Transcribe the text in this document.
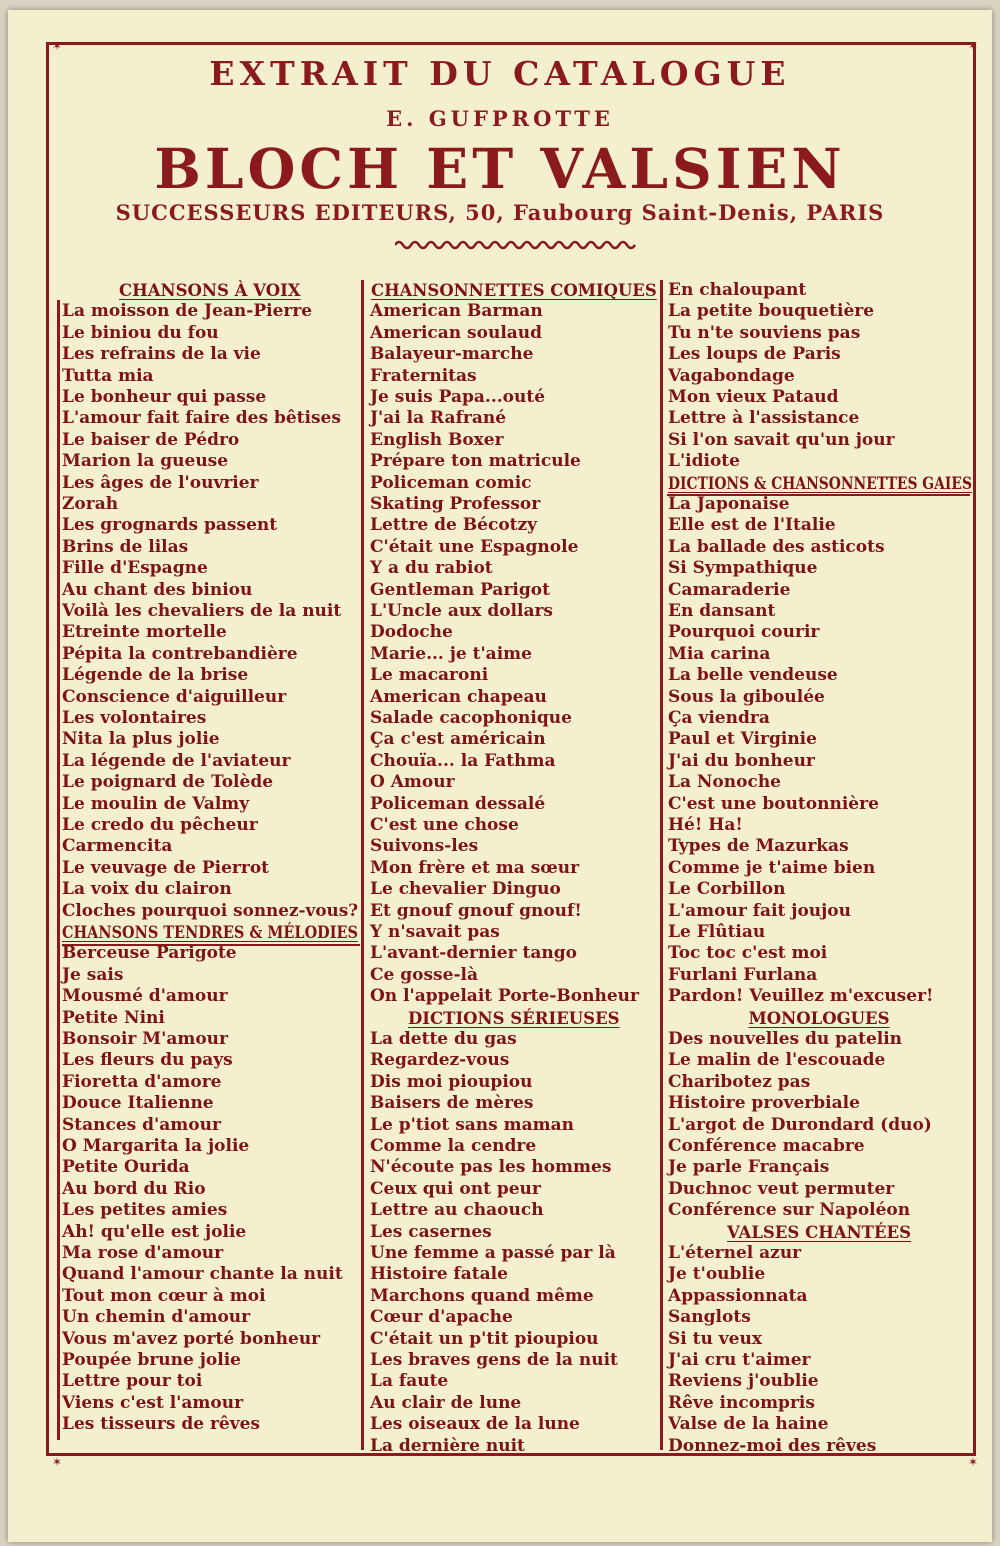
✶	✶
✶	✶
EXTRAIT DU CATALOGUE
E. GUFPROTTE
BLOCH ET VALSIEN
SUCCESSEURS EDITEURS, 50, Faubourg Saint-Denis, PARIS
CHANSONS À VOIX
La moisson de Jean-Pierre
Le biniou du fou
Les refrains de la vie
Tutta mia
Le bonheur qui passe
L'amour fait faire des bêtises
Le baiser de Pédro
Marion la gueuse
Les âges de l'ouvrier
Zorah
Les grognards passent
Brins de lilas
Fille d'Espagne
Au chant des biniou
Voilà les chevaliers de la nuit
Etreinte mortelle
Pépita la contrebandière
Légende de la brise
Conscience d'aiguilleur
Les volontaires
Nita la plus jolie
La légende de l'aviateur
Le poignard de Tolède
Le moulin de Valmy
Le credo du pêcheur
Carmencita
Le veuvage de Pierrot
La voix du clairon
Cloches pourquoi sonnez-vous?
CHANSONS TENDRES & MÉLODIES
Berceuse Parigote
Je sais
Mousmé d'amour
Petite Nini
Bonsoir M'amour
Les fleurs du pays
Fioretta d'amore
Douce Italienne
Stances d'amour
O Margarita la jolie
Petite Ourida
Au bord du Rio
Les petites amies
Ah! qu'elle est jolie
Ma rose d'amour
Quand l'amour chante la nuit
Tout mon cœur à moi
Un chemin d'amour
Vous m'avez porté bonheur
Poupée brune jolie
Lettre pour toi
Viens c'est l'amour
Les tisseurs de rêves
CHANSONNETTES COMIQUES
American Barman
American soulaud
Balayeur-marche
Fraternitas
Je suis Papa...outé
J'ai la Rafrané
English Boxer
Prépare ton matricule
Policeman comic
Skating Professor
Lettre de Bécotzy
C'était une Espagnole
Y a du rabiot
Gentleman Parigot
L'Uncle aux dollars
Dodoche
Marie... je t'aime
Le macaroni
American chapeau
Salade cacophonique
Ça c'est américain
Chouïa... la Fathma
O Amour
Policeman dessalé
C'est une chose
Suivons-les
Mon frère et ma sœur
Le chevalier Dinguo
Et gnouf gnouf gnouf!
Y n'savait pas
L'avant-dernier tango
Ce gosse-là
On l'appelait Porte-Bonheur
DICTIONS SÉRIEUSES
La dette du gas
Regardez-vous
Dis moi pioupiou
Baisers de mères
Le p'tiot sans maman
Comme la cendre
N'écoute pas les hommes
Ceux qui ont peur
Lettre au chaouch
Les casernes
Une femme a passé par là
Histoire fatale
Marchons quand même
Cœur d'apache
C'était un p'tit pioupiou
Les braves gens de la nuit
La faute
Au clair de lune
Les oiseaux de la lune
La dernière nuit
En chaloupant
La petite bouquetière
Tu n'te souviens pas
Les loups de Paris
Vagabondage
Mon vieux Pataud
Lettre à l'assistance
Si l'on savait qu'un jour
L'idiote
DICTIONS & CHANSONNETTES GAIES
La Japonaise
Elle est de l'Italie
La ballade des asticots
Si Sympathique
Camaraderie
En dansant
Pourquoi courir
Mia carina
La belle vendeuse
Sous la giboulée
Ça viendra
Paul et Virginie
J'ai du bonheur
La Nonoche
C'est une boutonnière
Hé! Ha!
Types de Mazurkas
Comme je t'aime bien
Le Corbillon
L'amour fait joujou
Le Flûtiau
Toc toc c'est moi
Furlani Furlana
Pardon! Veuillez m'excuser!
MONOLOGUES
Des nouvelles du patelin
Le malin de l'escouade
Charibotez pas
Histoire proverbiale
L'argot de Durondard (duo)
Conférence macabre
Je parle Français
Duchnoc veut permuter
Conférence sur Napoléon
VALSES CHANTÉES
L'éternel azur
Je t'oublie
Appassionnata
Sanglots
Si tu veux
J'ai cru t'aimer
Reviens j'oublie
Rêve incompris
Valse de la haine
Donnez-moi des rêves
